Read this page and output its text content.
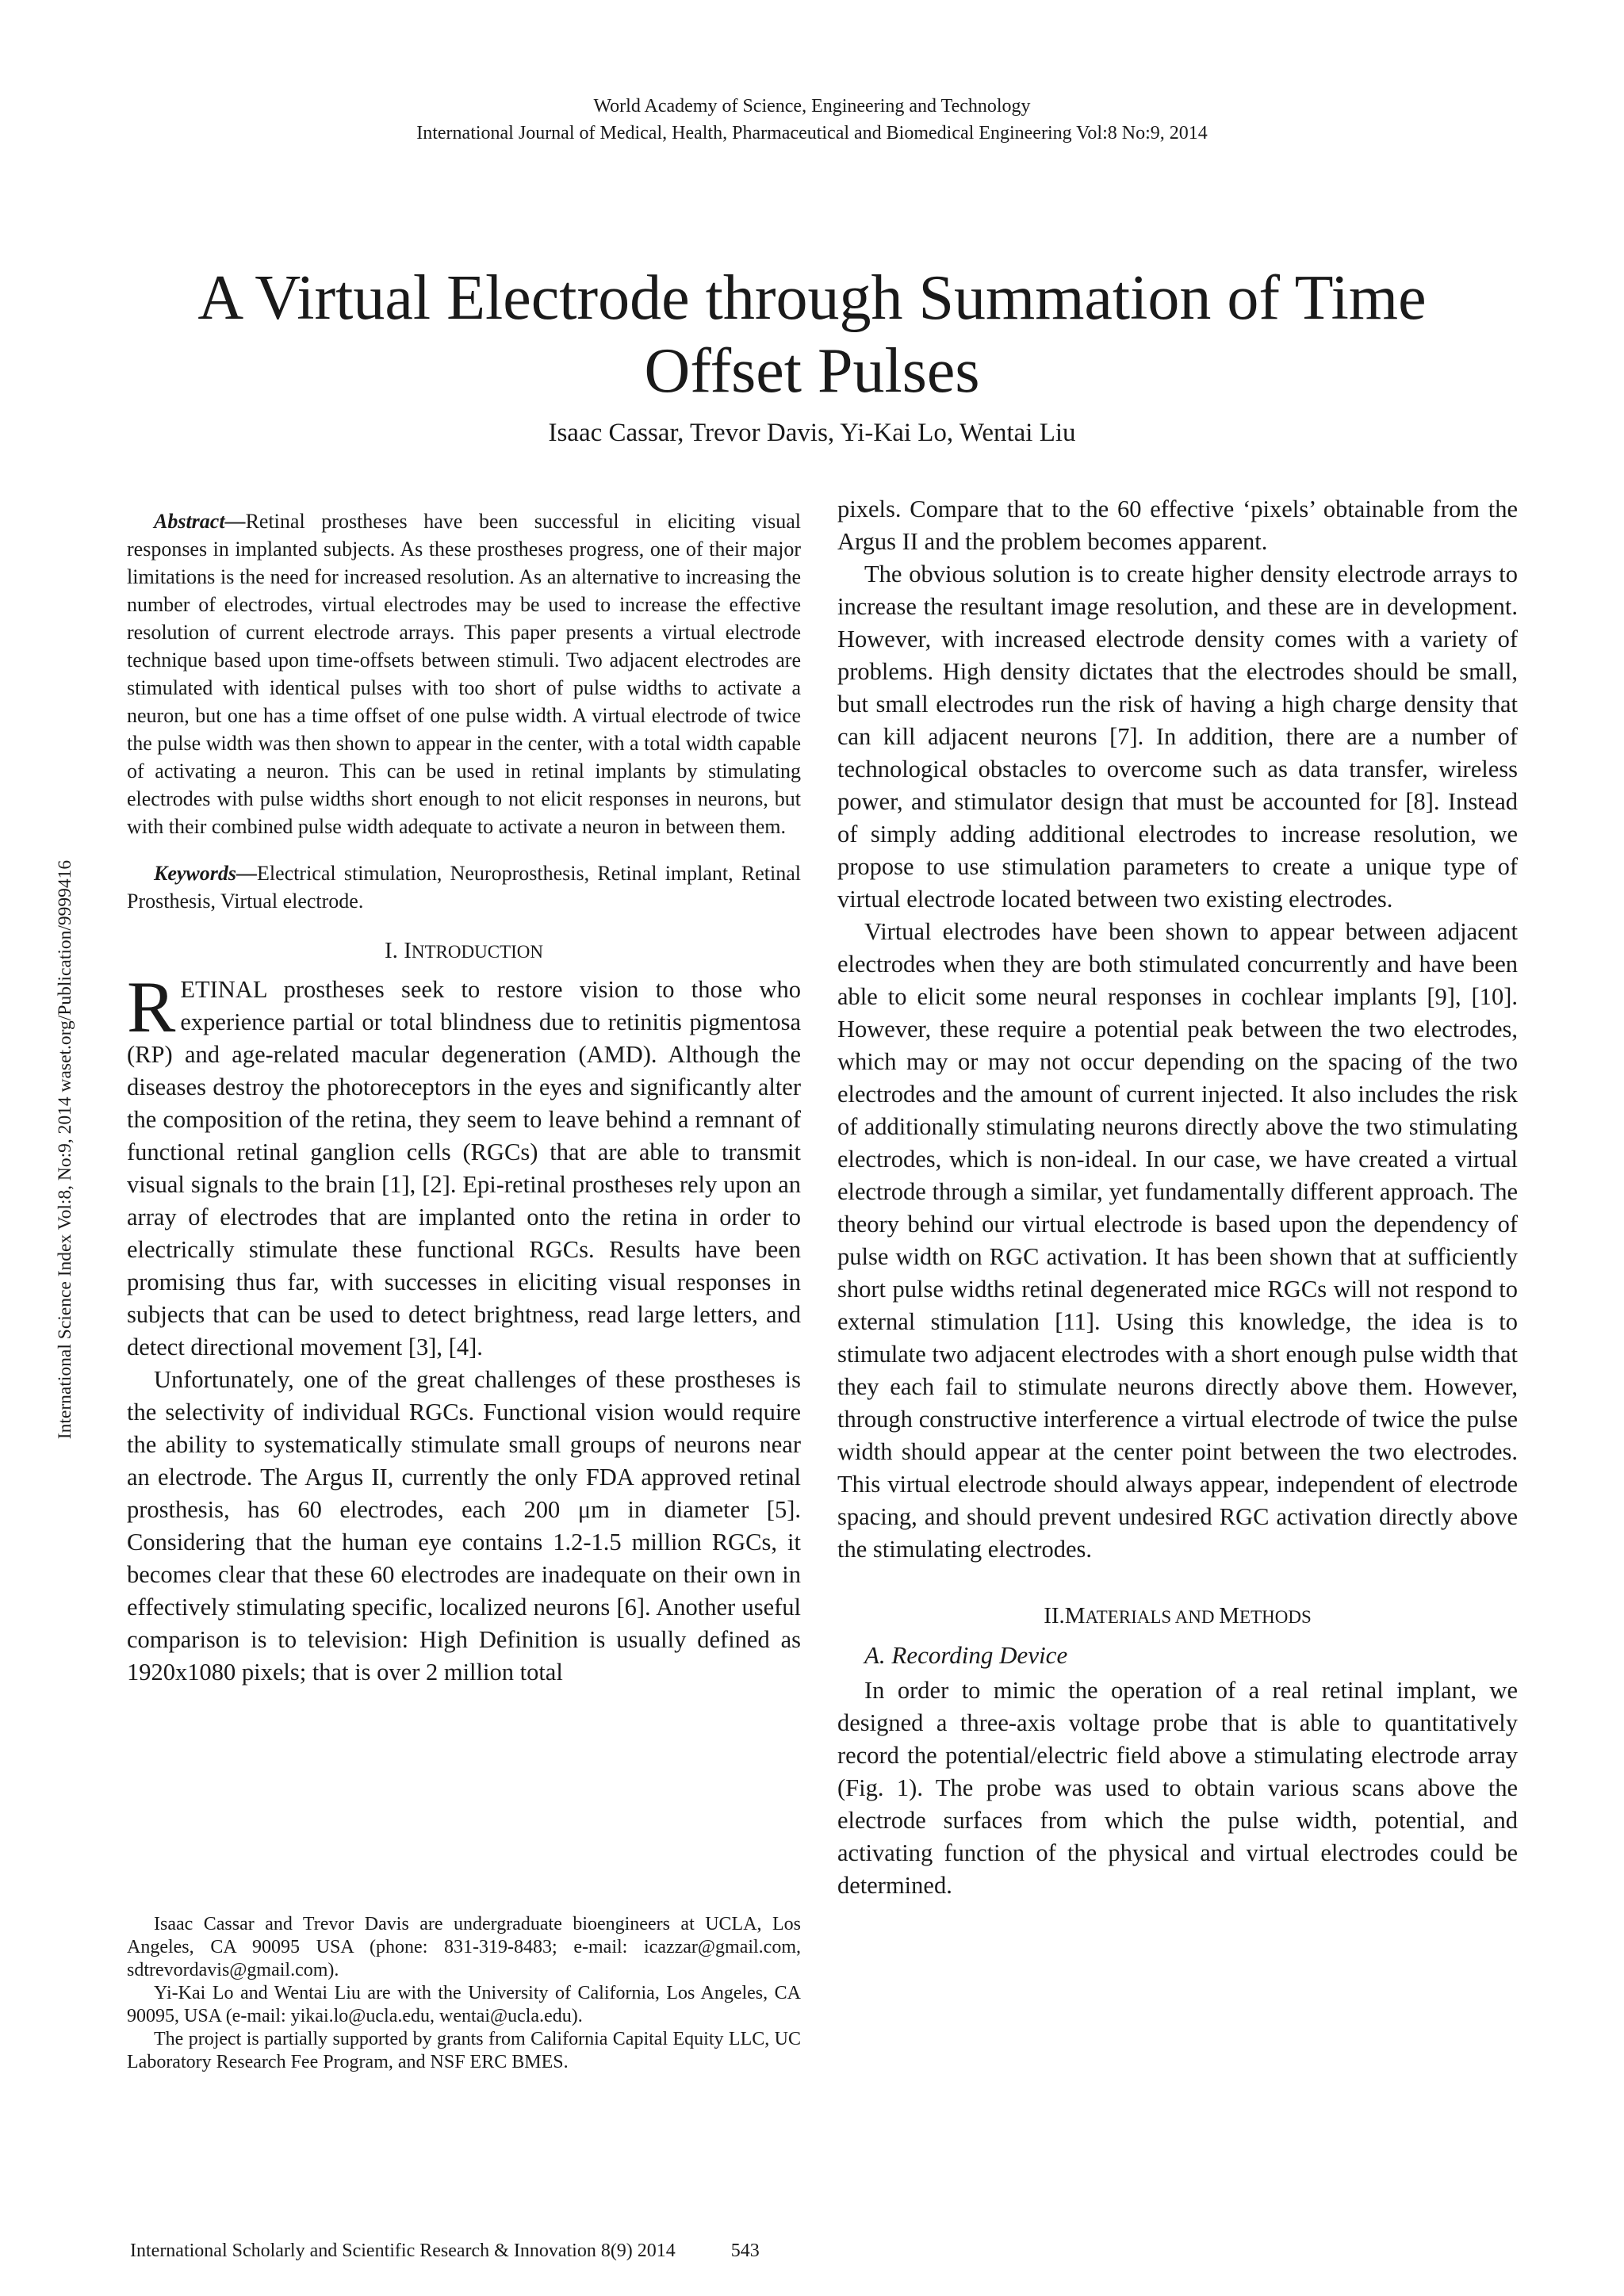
World Academy of Science, Engineering and Technology
International Journal of Medical, Health, Pharmaceutical and Biomedical Engineering Vol:8 No:9, 2014
A Virtual Electrode through Summation of Time Offset Pulses
Isaac Cassar, Trevor Davis, Yi-Kai Lo, Wentai Liu
International Science Index Vol:8, No:9, 2014 waset.org/Publication/9999416

Abstract—Retinal prostheses have been successful in eliciting visual responses in implanted subjects. As these prostheses progress, one of their major limitations is the need for increased resolution. As an alternative to increasing the number of electrodes, virtual electrodes may be used to increase the effective resolution of current electrode arrays. This paper presents a virtual electrode technique based upon time-offsets between stimuli. Two adjacent electrodes are stimulated with identical pulses with too short of pulse widths to activate a neuron, but one has a time offset of one pulse width. A virtual electrode of twice the pulse width was then shown to appear in the center, with a total width capable of activating a neuron. This can be used in retinal implants by stimulating electrodes with pulse widths short enough to not elicit responses in neurons, but with their combined pulse width adequate to activate a neuron in between them.

Keywords—Electrical stimulation, Neuroprosthesis, Retinal implant, Retinal Prosthesis, Virtual electrode.

I. INTRODUCTION

RETINAL prostheses seek to restore vision to those who experience partial or total blindness due to retinitis pigmentosa (RP) and age-related macular degeneration (AMD). Although the diseases destroy the photoreceptors in the eyes and significantly alter the composition of the retina, they seem to leave behind a remnant of functional retinal ganglion cells (RGCs) that are able to transmit visual signals to the brain [1], [2]. Epi-retinal prostheses rely upon an array of electrodes that are implanted onto the retina in order to electrically stimulate these functional RGCs. Results have been promising thus far, with successes in eliciting visual responses in subjects that can be used to detect brightness, read large letters, and detect directional movement [3], [4].

Unfortunately, one of the great challenges of these prostheses is the selectivity of individual RGCs. Functional vision would require the ability to systematically stimulate small groups of neurons near an electrode. The Argus II, currently the only FDA approved retinal prosthesis, has 60 electrodes, each 200 μm in diameter [5]. Considering that the human eye contains 1.2-1.5 million RGCs, it becomes clear that these 60 electrodes are inadequate on their own in effectively stimulating specific, localized neurons [6]. Another useful comparison is to television: High Definition is usually defined as 1920x1080 pixels; that is over 2 million total

pixels. Compare that to the 60 effective ‘pixels’ obtainable from the Argus II and the problem becomes apparent.

The obvious solution is to create higher density electrode arrays to increase the resultant image resolution, and these are in development. However, with increased electrode density comes with a variety of problems. High density dictates that the electrodes should be small, but small electrodes run the risk of having a high charge density that can kill adjacent neurons [7]. In addition, there are a number of technological obstacles to overcome such as data transfer, wireless power, and stimulator design that must be accounted for [8]. Instead of simply adding additional electrodes to increase resolution, we propose to use stimulation parameters to create a unique type of virtual electrode located between two existing electrodes.

Virtual electrodes have been shown to appear between adjacent electrodes when they are both stimulated concurrently and have been able to elicit some neural responses in cochlear implants [9], [10]. However, these require a potential peak between the two electrodes, which may or may not occur depending on the spacing of the two electrodes and the amount of current injected. It also includes the risk of additionally stimulating neurons directly above the two stimulating electrodes, which is non-ideal. In our case, we have created a virtual electrode through a similar, yet fundamentally different approach. The theory behind our virtual electrode is based upon the dependency of pulse width on RGC activation. It has been shown that at sufficiently short pulse widths retinal degenerated mice RGCs will not respond to external stimulation [11]. Using this knowledge, the idea is to stimulate two adjacent electrodes with a short enough pulse width that they each fail to stimulate neurons directly above them. However, through constructive interference a virtual electrode of twice the pulse width should appear at the center point between the two electrodes. This virtual electrode should always appear, independent of electrode spacing, and should prevent undesired RGC activation directly above the stimulating electrodes.

II.MATERIALS AND METHODS
A. Recording Device

In order to mimic the operation of a real retinal implant, we designed a three-axis voltage probe that is able to quantitatively record the potential/electric field above a stimulating electrode array (Fig. 1). The probe was used to obtain various scans above the electrode surfaces from which the pulse width, potential, and activating function of the physical and virtual electrodes could be determined.

Isaac Cassar and Trevor Davis are undergraduate bioengineers at UCLA, Los Angeles, CA 90095 USA (phone: 831-319-8483; e-mail: icazzar@gmail.com, sdtrevordavis@gmail.com).

Yi-Kai Lo and Wentai Liu are with the University of California, Los Angeles, CA 90095, USA (e-mail: yikai.lo@ucla.edu, wentai@ucla.edu).

The project is partially supported by grants from California Capital Equity LLC, UC Laboratory Research Fee Program, and NSF ERC BMES.

International Scholarly and Scientific Research & Innovation 8(9) 2014	543
